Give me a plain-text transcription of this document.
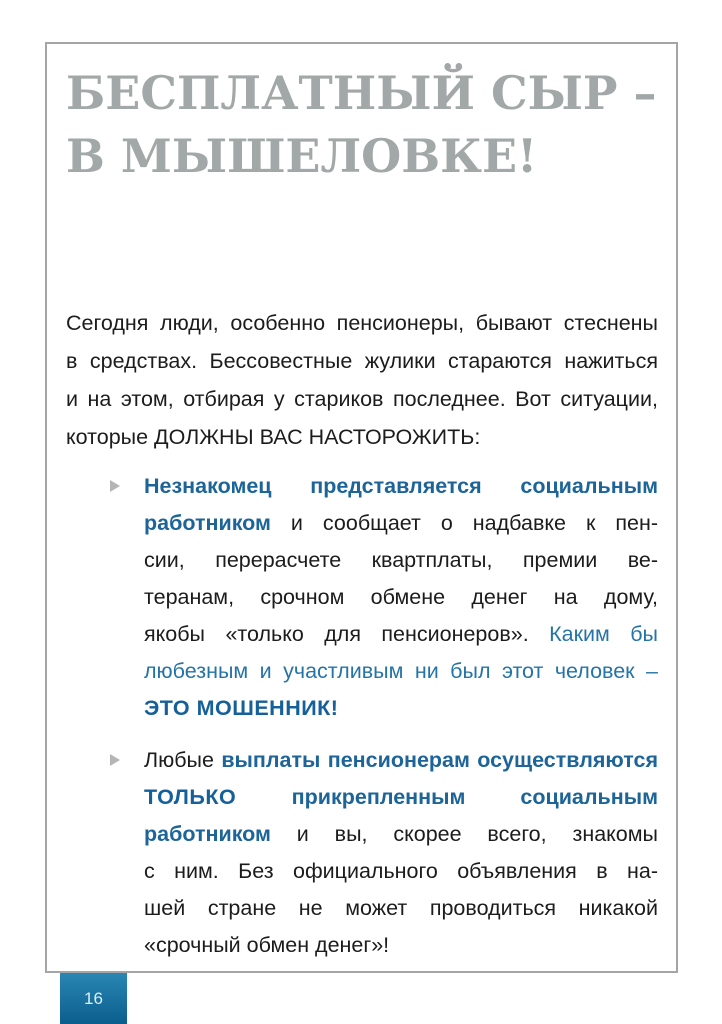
БЕСПЛАТНЫЙ СЫР –
В МЫШЕЛОВКЕ!
Сегодня люди, особенно пенсионеры, бывают стеснены
в средствах. Бессовестные жулики стараются нажиться
и на этом, отбирая у стариков последнее. Вот ситуации,
которые ДОЛЖНЫ ВАС НАСТОРОЖИТЬ:
Незнакомец представляется социальным
работником и сообщает о надбавке к пен-
сии, перерасчете квартплаты, премии ве-
теранам, срочном обмене денег на дому,
якобы «только для пенсионеров». Каким бы
любезным и участливым ни был этот человек –
ЭТО МОШЕННИК!
Любые выплаты пенсионерам осуществляются
ТОЛЬКО прикрепленным социальным
работником и вы, скорее всего, знакомы
с ним. Без официального объявления в на-
шей стране не может проводиться никакой
«срочный обмен денег»!
16
